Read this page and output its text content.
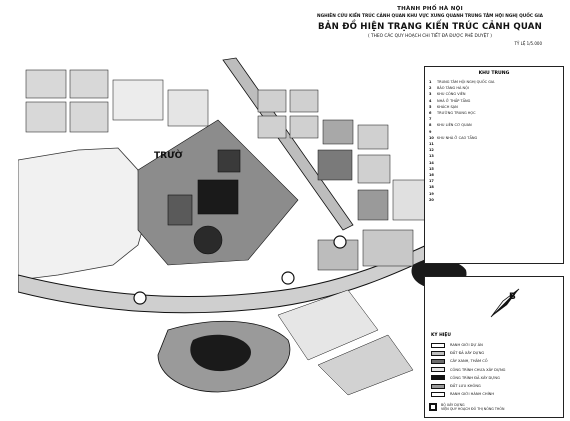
TRƯỜ
THÀNH PHỐ HÀ NỘI
NGHIÊN CỨU KIẾN TRÚC CẢNH QUAN KHU VỰC XUNG QUANH TRUNG TÂM HỘI NGHỊ QUỐC GIA
BẢN ĐỒ HIỆN TRẠNG KIẾN TRÚC CẢNH QUAN
( THEO CÁC QUY HOẠCH CHI TIẾT ĐÃ ĐƯỢC PHÊ DUYỆT )
TỶ LỆ 1/5.000
KHU TRUNG
1	TRUNG TÂM HỘI NGHỊ QUỐC GIA
2	BẢO TÀNG HÀ NỘI
3	KHU CÔNG VIÊN
4	NHÀ Ở THẤP TẦNG
5	KHÁCH SẠN
6	TRƯỜNG TRUNG HỌC
7
8	KHU LIÊN CƠ QUAN
9
10 KHU NHÀ Ở CAO TẦNG
11
12
13
14
15
16
17
18
19
20
B
KÝ HIỆU
RANH GIỚI DỰ ÁN
ĐẤT ĐÃ XÂY DỰNG
CÂY XANH, THẢM CỎ
CÔNG TRÌNH CHƯA XÂY DỰNG
CÔNG TRÌNH ĐÃ XÂY DỰNG
ĐẤT LƯU KHÔNG
RANH GIỚI HÀNH CHÍNH
BỘ XÂY DỰNG
VIỆN QUY HOẠCH ĐÔ THỊ NÔNG THÔN
